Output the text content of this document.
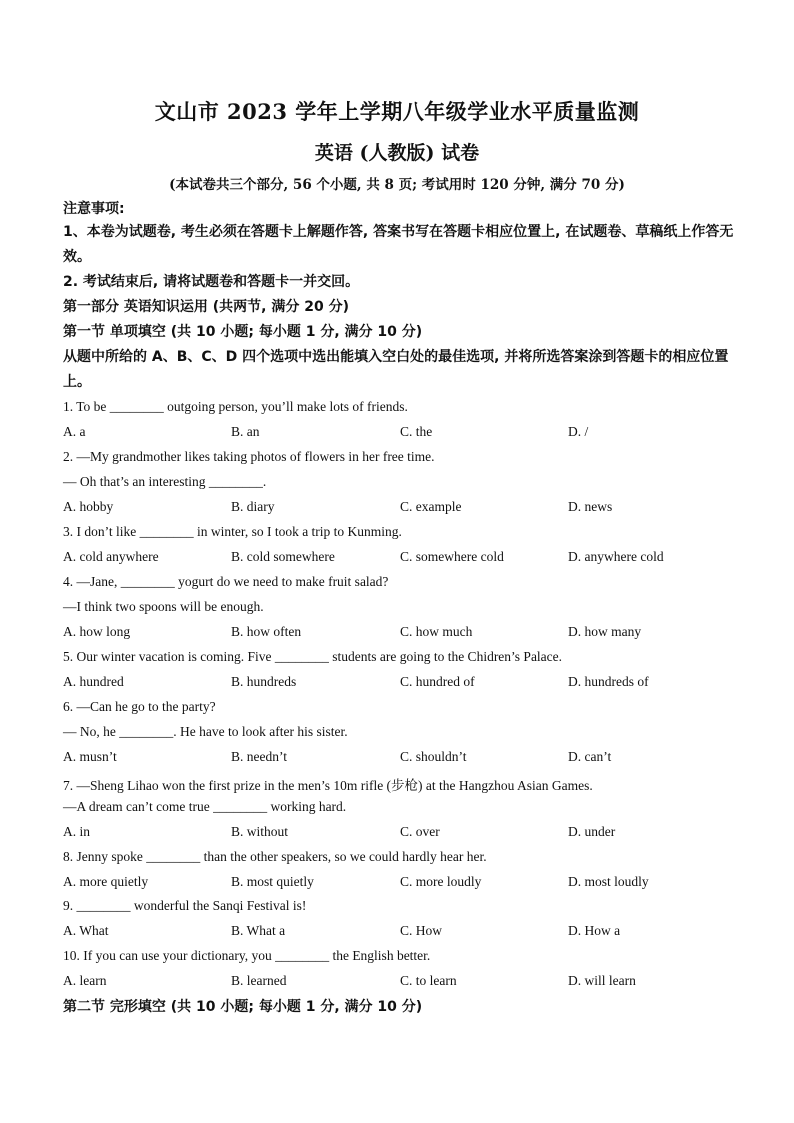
文山市 2023 学年上学期八年级学业水平质量监测
英语 (人教版) 试卷
(本试卷共三个部分, 56 个小题, 共 8 页; 考试用时 120 分钟, 满分 70 分)
注意事项:
1、本卷为试题卷, 考生必须在答题卡上解题作答, 答案书写在答题卡相应位置上, 在试题卷、草稿纸上作答无效。
2. 考试结束后, 请将试题卷和答题卡一并交回。
第一部分 英语知识运用 (共两节, 满分 20 分)
第一节 单项填空 (共 10 小题; 每小题 1 分, 满分 10 分)
从题中所给的 A、B、C、D 四个选项中选出能填入空白处的最佳选项, 并将所选答案涂到答题卡的相应位置上。
1. To be ________ outgoing person, you’ll make lots of friends.
A. a	B. an	C. the	D. /
2. —My grandmother likes taking photos of flowers in her free time.
— Oh that’s an interesting ________.
A. hobby	B. diary	C. example	D. news
3. I don’t like ________ in winter, so I took a trip to Kunming.
A. cold anywhere	B. cold somewhere	C. somewhere cold	D. anywhere cold
4. —Jane, ________ yogurt do we need to make fruit salad?
—I think two spoons will be enough.
A. how long	B. how often	C. how much	D. how many
5. Our winter vacation is coming. Five ________ students are going to the Chidren’s Palace.
A. hundred	B. hundreds	C. hundred of	D. hundreds of
6. —Can he go to the party?
— No, he ________. He have to look after his sister.
A. musn’t	B. needn’t	C. shouldn’t	D. can’t
7. —Sheng Lihao won the first prize in the men’s 10m rifle (步枪) at the Hangzhou Asian Games.
—A dream can’t come true ________ working hard.
A. in	B. without	C. over	D. under
8. Jenny spoke ________ than the other speakers, so we could hardly hear her.
A. more quietly	B. most quietly	C. more loudly	D. most loudly
9. ________ wonderful the Sanqi Festival is!
A. What	B. What a	C. How	D. How a
10. If you can use your dictionary, you ________ the English better.
A. learn	B. learned	C. to learn	D. will learn
第二节 完形填空 (共 10 小题; 每小题 1 分, 满分 10 分)
